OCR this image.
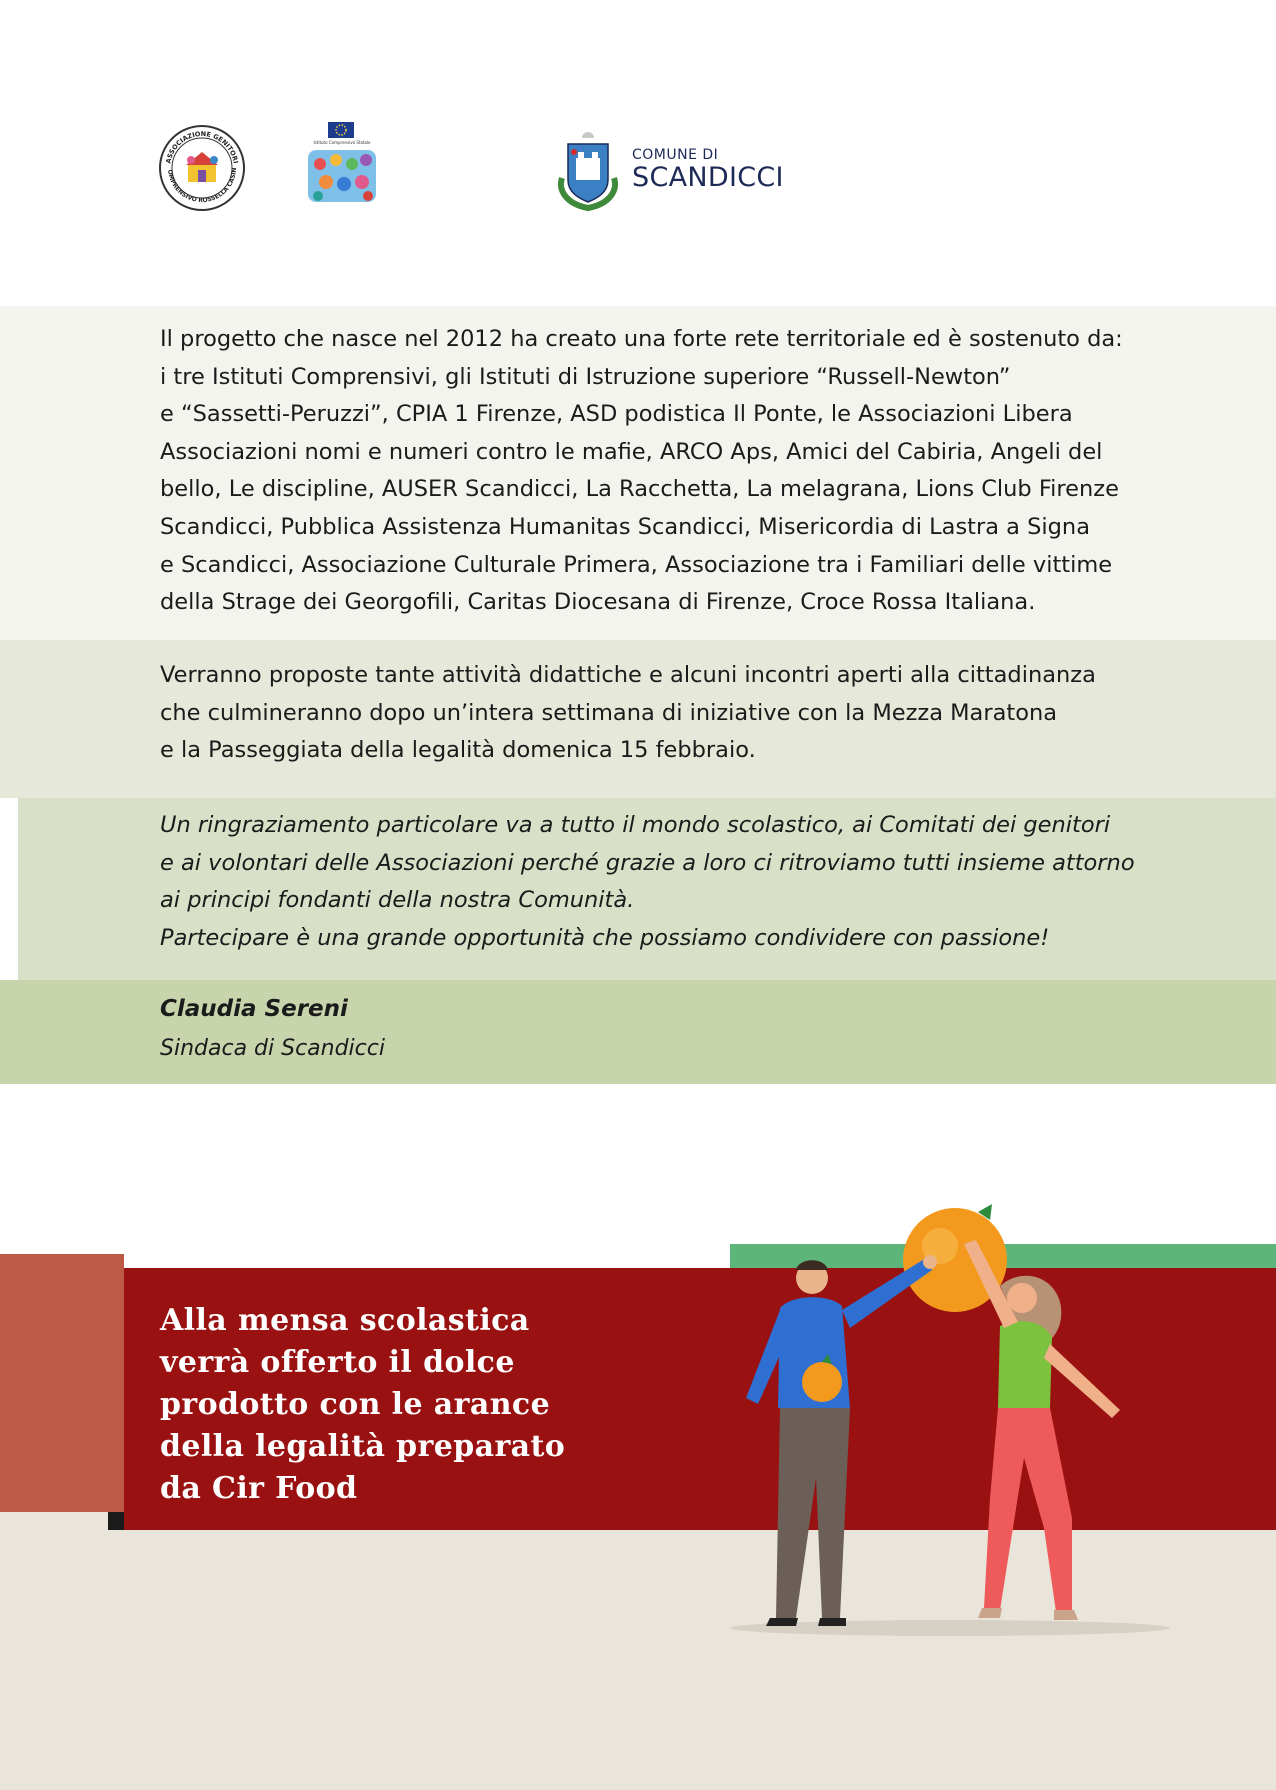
ASSOCIAZIONE GENITORI
OMPRENSIVO ROSSELLA CASIN
Istituto Comprensivo Statale
COMUNE DI
SCANDICCI
Il progetto che nasce nel 2012 ha creato una forte rete territoriale ed è sostenuto da:
i tre Istituti Comprensivi, gli Istituti di Istruzione superiore “Russell-Newton”
e “Sassetti-Peruzzi”, CPIA 1 Firenze, ASD podistica Il Ponte, le Associazioni Libera
Associazioni nomi e numeri contro le mafie, ARCO Aps, Amici del Cabiria, Angeli del
bello, Le discipline, AUSER Scandicci, La Racchetta, La melagrana, Lions Club Firenze
Scandicci, Pubblica Assistenza Humanitas Scandicci, Misericordia di Lastra a Signa
e Scandicci, Associazione Culturale Primera, Associazione tra i Familiari delle vittime
della Strage dei Georgofili, Caritas Diocesana di Firenze, Croce Rossa Italiana.
Verranno proposte tante attività didattiche e alcuni incontri aperti alla cittadinanza
che culmineranno dopo un’intera settimana di iniziative con la Mezza Maratona
e la Passeggiata della legalità domenica 15 febbraio.
Un ringraziamento particolare va a tutto il mondo scolastico, ai Comitati dei genitori
e ai volontari delle Associazioni perché grazie a loro ci ritroviamo tutti insieme attorno
ai principi fondanti della nostra Comunità.
Partecipare è una grande opportunità che possiamo condividere con passione!
Claudia Sereni
Sindaca di Scandicci
Alla mensa scolastica
verrà offerto il dolce
prodotto con le arance
della legalità preparato
da Cir Food
